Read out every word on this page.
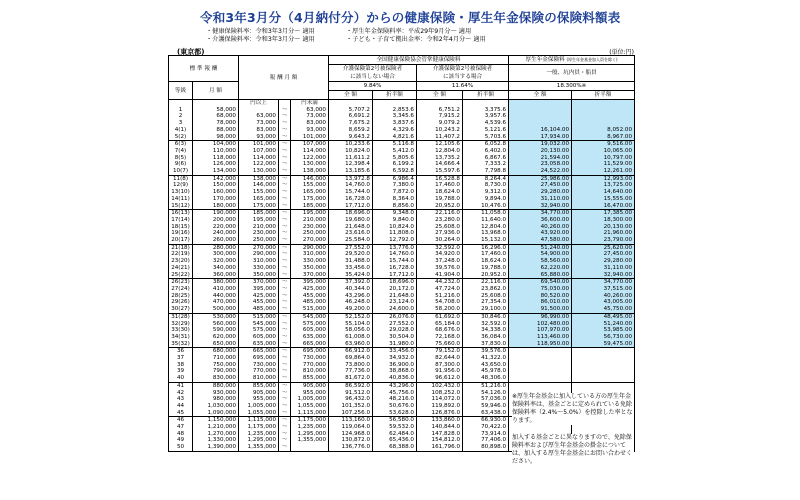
令和3年3月分（4月納付分）からの健康保険・厚生年金保険の保険料額表
・健康保険料率：令和3年3月分～ 適用	・厚生年金保険料率：平成29年9月分～ 適用
・介護保険料率：令和3年3月分～ 適用	・子ども・子育て拠出金率：令和2年4月分～ 適用
(東京都)	(単位:円)
標 準 報 酬		報 酬 月 額			全国健康保険協会管掌健康保険料				厚生年金保険料 (厚生年金基金加入員を除く)	
					介護保険第2号被保険者
に該当しない場合		介護保険第2号被保険者
に該当する場合		一般、坑内員・船員	
等級	月 額				9.84%		11.64%		18.300%※	
					全 額	折半額	全 額	折半額	全 額	折半額
		円以上		円未満						
1	58,000		～	63,000	5,707.2	2,853.6	6,751.2	3,375.6		
2	68,000	63,000	～	73,000	6,691.2	3,345.6	7,915.2	3,957.6		
3	78,000	73,000	～	83,000	7,675.2	3,837.6	9,079.2	4,539.6		
4(1)	88,000	83,000	～	93,000	8,659.2	4,329.6	10,243.2	5,121.6	16,104.00	8,052.00
5(2)	98,000	93,000	～	101,000	9,643.2	4,821.6	11,407.2	5,703.6	17,934.00	8,967.00
6(3)	104,000	101,000	～	107,000	10,233.6	5,116.8	12,105.6	6,052.8	19,032.00	9,516.00
7(4)	110,000	107,000	～	114,000	10,824.0	5,412.0	12,804.0	6,402.0	20,130.00	10,065.00
8(5)	118,000	114,000	～	122,000	11,611.2	5,805.6	13,735.2	6,867.6	21,594.00	10,797.00
9(6)	126,000	122,000	～	130,000	12,398.4	6,199.2	14,666.4	7,333.2	23,058.00	11,529.00
10(7)	134,000	130,000	～	138,000	13,185.6	6,592.8	15,597.6	7,798.8	24,522.00	12,261.00
11(8)	142,000	138,000	～	146,000	13,972.8	6,986.4	16,528.8	8,264.4	25,986.00	12,993.00
12(9)	150,000	146,000	～	155,000	14,760.0	7,380.0	17,460.0	8,730.0	27,450.00	13,725.00
13(10)	160,000	155,000	～	165,000	15,744.0	7,872.0	18,624.0	9,312.0	29,280.00	14,640.00
14(11)	170,000	165,000	～	175,000	16,728.0	8,364.0	19,788.0	9,894.0	31,110.00	15,555.00
15(12)	180,000	175,000	～	185,000	17,712.0	8,856.0	20,952.0	10,476.0	32,940.00	16,470.00
16(13)	190,000	185,000	～	195,000	18,696.0	9,348.0	22,116.0	11,058.0	34,770.00	17,385.00
17(14)	200,000	195,000	～	210,000	19,680.0	9,840.0	23,280.0	11,640.0	36,600.00	18,300.00
18(15)	220,000	210,000	～	230,000	21,648.0	10,824.0	25,608.0	12,804.0	40,260.00	20,130.00
19(16)	240,000	230,000	～	250,000	23,616.0	11,808.0	27,936.0	13,968.0	43,920.00	21,960.00
20(17)	260,000	250,000	～	270,000	25,584.0	12,792.0	30,264.0	15,132.0	47,580.00	23,790.00
21(18)	280,000	270,000	～	290,000	27,552.0	13,776.0	32,592.0	16,296.0	51,240.00	25,620.00
22(19)	300,000	290,000	～	310,000	29,520.0	14,760.0	34,920.0	17,460.0	54,900.00	27,450.00
23(20)	320,000	310,000	～	330,000	31,488.0	15,744.0	37,248.0	18,624.0	58,560.00	29,280.00
24(21)	340,000	330,000	～	350,000	33,456.0	16,728.0	39,576.0	19,788.0	62,220.00	31,110.00
25(22)	360,000	350,000	～	370,000	35,424.0	17,712.0	41,904.0	20,952.0	65,880.00	32,940.00
26(23)	380,000	370,000	～	395,000	37,392.0	18,696.0	44,232.0	22,116.0	69,540.00	34,770.00
27(24)	410,000	395,000	～	425,000	40,344.0	20,172.0	47,724.0	23,862.0	75,030.00	37,515.00
28(25)	440,000	425,000	～	455,000	43,296.0	21,648.0	51,216.0	25,608.0	80,520.00	40,260.00
29(26)	470,000	455,000	～	485,000	46,248.0	23,124.0	54,708.0	27,354.0	86,010.00	43,005.00
30(27)	500,000	485,000	～	515,000	49,200.0	24,600.0	58,200.0	29,100.0	91,500.00	45,750.00
31(28)	530,000	515,000	～	545,000	52,152.0	26,076.0	61,692.0	30,846.0	96,990.00	48,495.00
32(29)	560,000	545,000	～	575,000	55,104.0	27,552.0	65,184.0	32,592.0	102,480.00	51,240.00
33(30)	590,000	575,000	～	605,000	58,056.0	29,028.0	68,676.0	34,338.0	107,970.00	53,985.00
34(31)	620,000	605,000	～	635,000	61,008.0	30,504.0	72,168.0	36,084.0	113,460.00	56,730.00
35(32)	650,000	635,000	～	665,000	63,960.0	31,980.0	75,660.0	37,830.0	118,950.00	59,475.00
36	680,000	665,000	～	695,000	66,912.0	33,456.0	79,152.0	39,576.0		
37	710,000	695,000	～	730,000	69,864.0	34,932.0	82,644.0	41,322.0		
38	750,000	730,000	～	770,000	73,800.0	36,900.0	87,300.0	43,650.0		
39	790,000	770,000	～	810,000	77,736.0	38,868.0	91,956.0	45,978.0		
40	830,000	810,000	～	855,000	81,672.0	40,836.0	96,612.0	48,306.0		
41	880,000	855,000	～	905,000	86,592.0	43,296.0	102,432.0	51,216.0		
42	930,000	905,000	～	955,000	91,512.0	45,756.0	108,252.0	54,126.0		
43	980,000	955,000	～	1,005,000	96,432.0	48,216.0	114,072.0	57,036.0		
44	1,030,000	1,005,000	～	1,055,000	101,352.0	50,676.0	119,892.0	59,946.0		
45	1,090,000	1,055,000	～	1,115,000	107,256.0	53,628.0	126,876.0	63,438.0		
46	1,150,000	1,115,000	～	1,175,000	113,160.0	56,580.0	133,860.0	66,930.0		
47	1,210,000	1,175,000	～	1,235,000	119,064.0	59,532.0	140,844.0	70,422.0		
48	1,270,000	1,235,000	～	1,295,000	124,968.0	62,484.0	147,828.0	73,914.0		
49	1,330,000	1,295,000	～	1,355,000	130,872.0	65,436.0	154,812.0	77,406.0		
50	1,390,000	1,355,000	～		136,776.0	68,388.0	161,796.0	80,898.0		
※厚生年金基金に加入している方の厚生年金保険料率は、基金ごとに定められている免除保険料率（2.4%～5.0%）を控除した率となります。
加入する基金ごとに異なりますので、免除保険料率および厚生年金基金の掛金については、加入する厚生年金基金にお問い合わせください。
